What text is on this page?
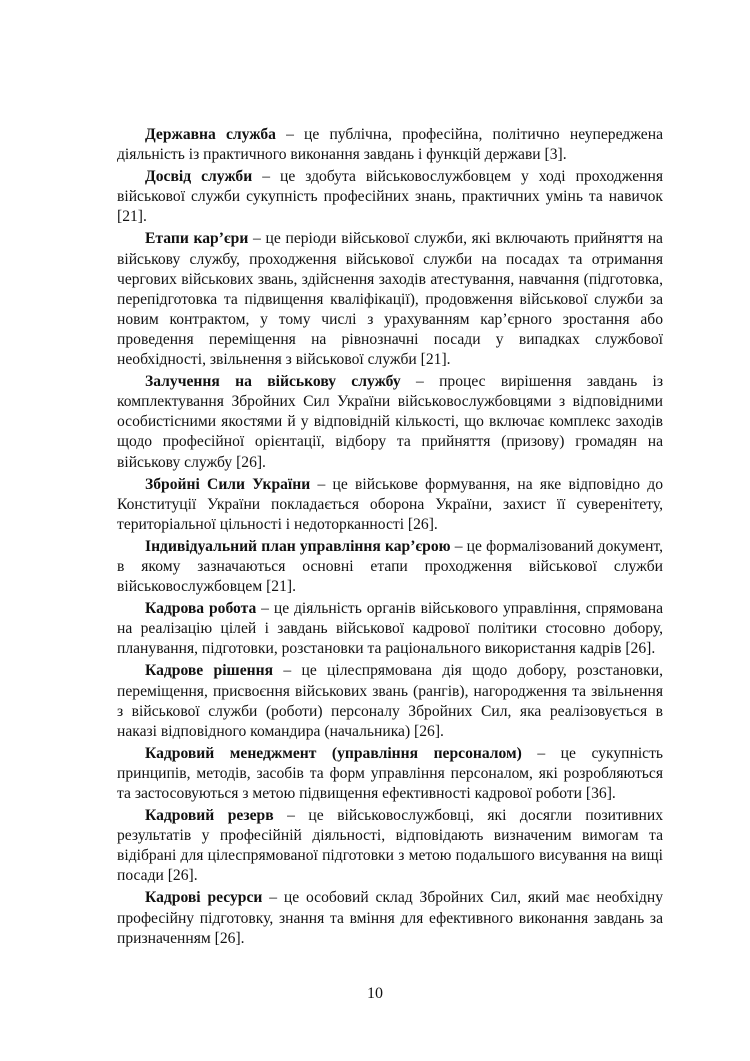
Державна служба – це публічна, професійна, політично неупереджена діяльність із практичного виконання завдань і функцій держави [3].

Досвід служби – це здобута військовослужбовцем у ході проходження військової служби сукупність професійних знань, практичних умінь та навичок [21].

Етапи кар’єри – це періоди військової служби, які включають прийняття на військову службу, проходження військової служби на посадах та отримання чергових військових звань, здійснення заходів атестування, навчання (підготовка, перепідготовка та підвищення кваліфікації), продовження військової служби за новим контрактом, у тому числі з урахуванням кар’єрного зростання або проведення переміщення на рівнозначні посади у випадках службової необхідності, звільнення з військової служби [21].

Залучення на військову службу – процес вирішення завдань із комплектування Збройних Сил України військовослужбовцями з відповідними особистісними якостями й у відповідній кількості, що включає комплекс заходів щодо професійної орієнтації, відбору та прийняття (призову) громадян на військову службу [26].

Збройні Сили України – це військове формування, на яке відповідно до Конституції України покладається оборона України, захист її суверенітету, територіальної цільності і недоторканності [26].

Індивідуальний план управління кар’єрою – це формалізований документ, в якому зазначаються основні етапи проходження військової служби військовослужбовцем [21].

Кадрова робота – це діяльність органів військового управління, спрямована на реалізацію цілей і завдань військової кадрової політики стосовно добору, планування, підготовки, розстановки та раціонального використання кадрів [26].

Кадрове рішення – це цілеспрямована дія щодо добору, розстановки, переміщення, присвоєння військових звань (рангів), нагородження та звільнення з військової служби (роботи) персоналу Збройних Сил, яка реалізовується в наказі відповідного командира (начальника) [26].

Кадровий менеджмент (управління персоналом) – це сукупність принципів, методів, засобів та форм управління персоналом, які розробляються та застосовуються з метою підвищення ефективності кадрової роботи [36].

Кадровий резерв – це військовослужбовці, які досягли позитивних результатів у професійній діяльності, відповідають визначеним вимогам та відібрані для цілеспрямованої підготовки з метою подальшого висування на вищі посади [26].

Кадрові ресурси – це особовий склад Збройних Сил, який має необхідну професійну підготовку, знання та вміння для ефективного виконання завдань за призначенням [26].

10
